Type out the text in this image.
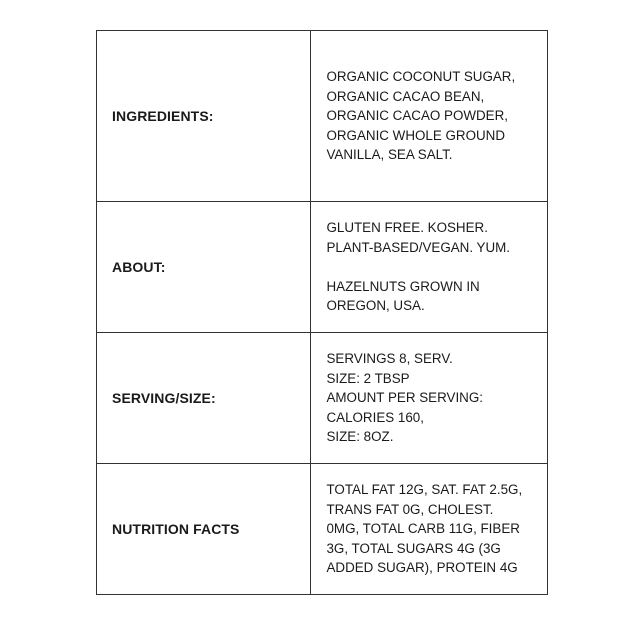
INGREDIENTS:	ORGANIC COCONUT SUGAR,
ORGANIC CACAO BEAN,
ORGANIC CACAO POWDER,
ORGANIC WHOLE GROUND
VANILLA, SEA SALT.

ABOUT:	GLUTEN FREE. KOSHER.
PLANT-BASED/VEGAN. YUM.
HAZELNUTS GROWN IN
OREGON, USA.

SERVING/SIZE:	SERVINGS 8, SERV.
SIZE: 2 TBSP
AMOUNT PER SERVING:
CALORIES 160,
SIZE: 8OZ.

NUTRITION FACTS	TOTAL FAT 12G, SAT. FAT 2.5G,
TRANS FAT 0G, CHOLEST.
0MG, TOTAL CARB 11G, FIBER
3G, TOTAL SUGARS 4G (3G
ADDED SUGAR), PROTEIN 4G
